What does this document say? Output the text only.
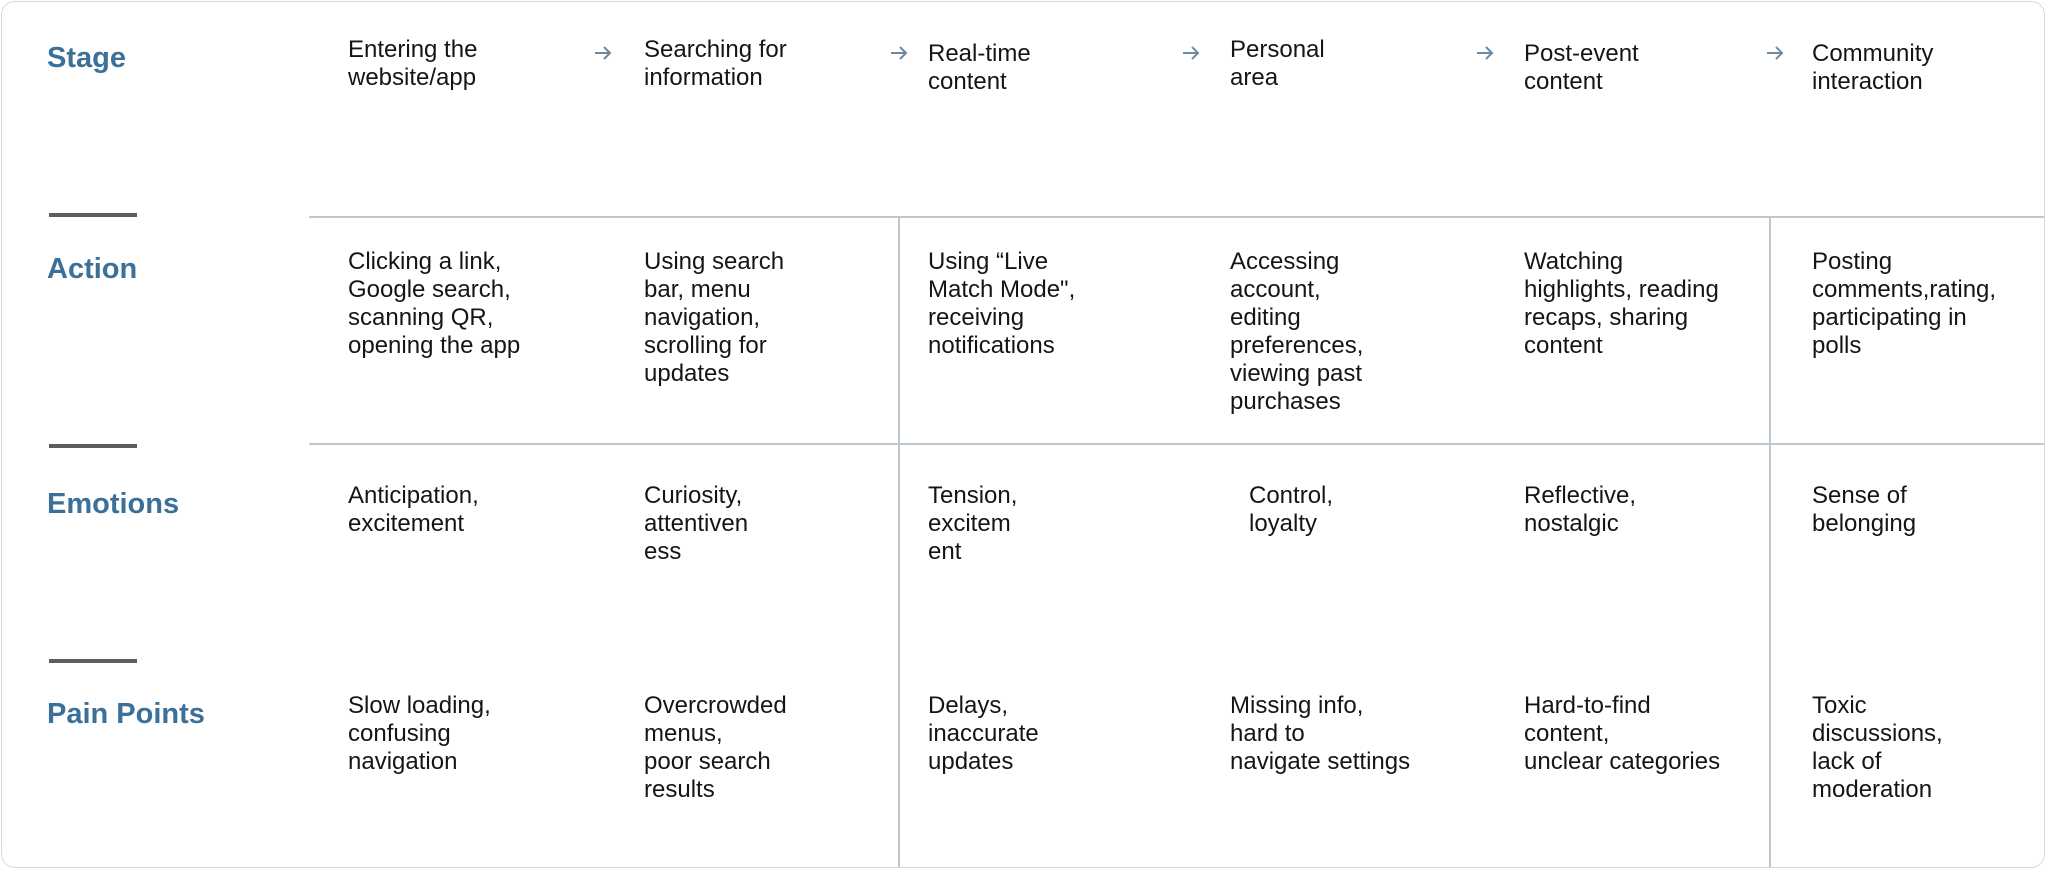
Stage
Action
Emotions
Pain Points
Entering the
website/app
Searching for
information
Real-time
content
Personal
area
Post-event
content
Community
interaction
Clicking a link,
Google search,
scanning QR,
opening the app
Using search
bar, menu
navigation,
scrolling for
updates
Using “Live
Match Mode",
receiving
notifications
Accessing
account,
editing
preferences,
viewing past
purchases
Watching
highlights, reading
recaps, sharing
content
Posting
comments,rating,
participating in
polls
Anticipation,
excitement
Curiosity,
attentiven
ess
Tension,
excitem
ent
Control,
loyalty
Reflective,
nostalgic
Sense of
belonging
Slow loading,
confusing
navigation
Overcrowded
menus,
poor search
results
Delays,
inaccurate
updates
Missing info,
hard to
navigate settings
Hard-to-find
content,
unclear categories
Toxic
discussions,
lack of
moderation
